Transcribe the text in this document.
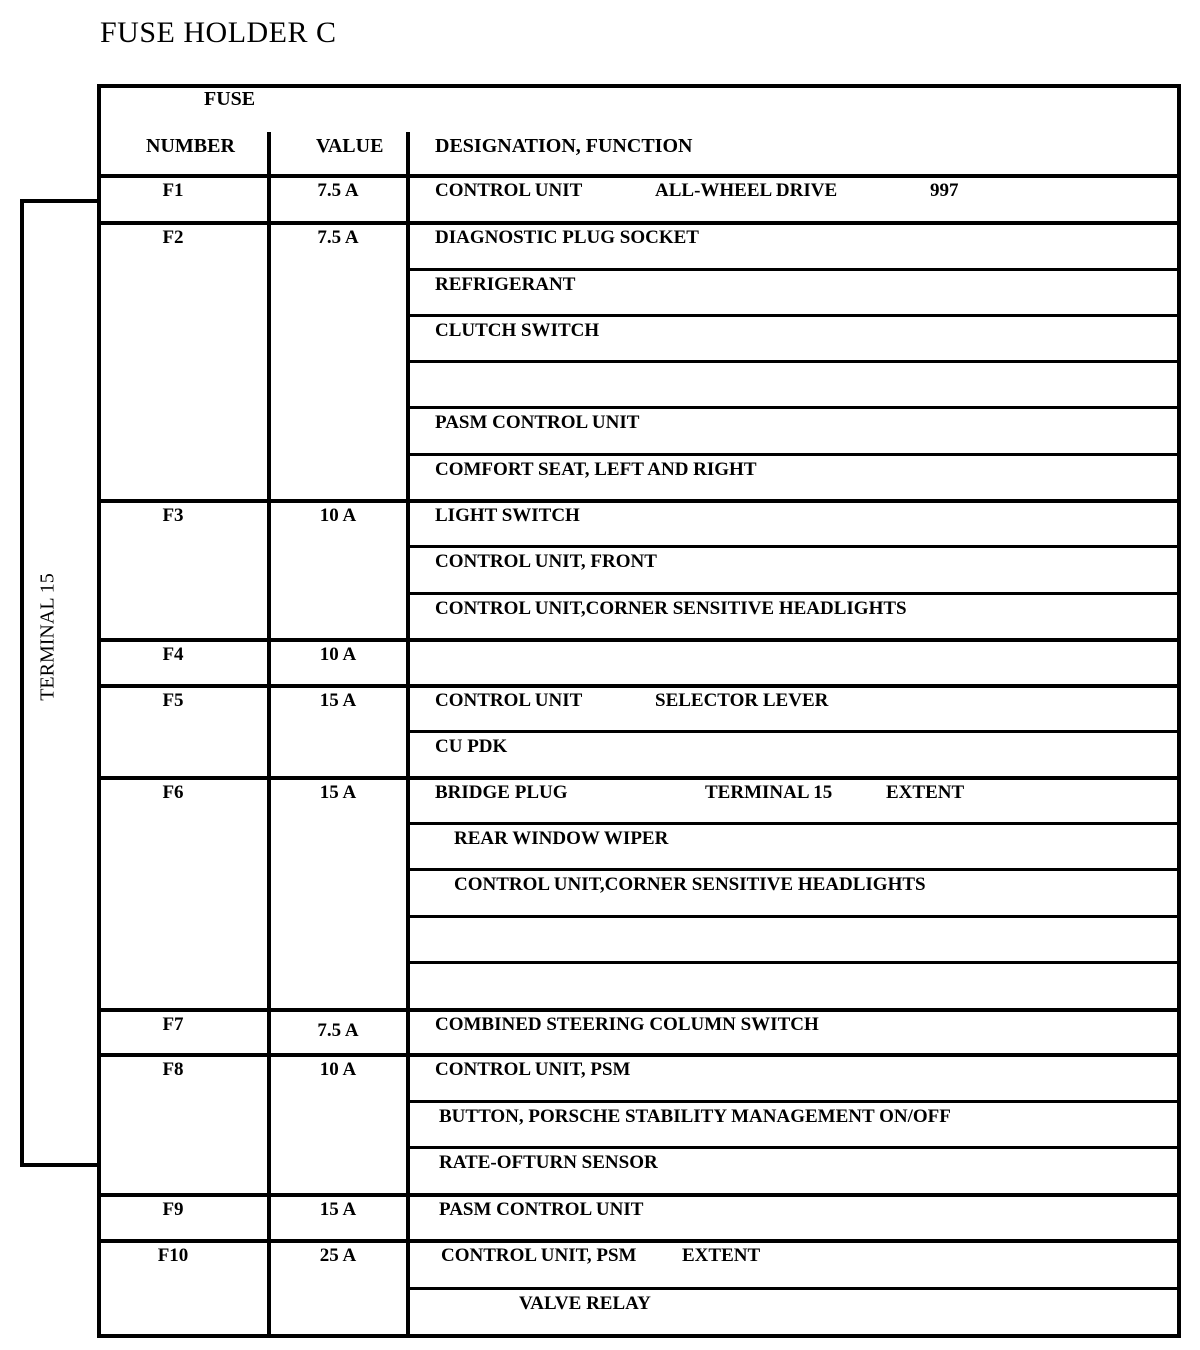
FUSE HOLDER C
TERMINAL 15
FUSE
NUMBER	VALUE	DESIGNATION, FUNCTION
F1	7.5 A	CONTROL UNIT	ALL-WHEEL DRIVE	997
F2	7.5 A	DIAGNOSTIC PLUG SOCKET
REFRIGERANT
CLUTCH SWITCH
PASM CONTROL UNIT
COMFORT SEAT, LEFT AND RIGHT
F3	10 A	LIGHT SWITCH
CONTROL UNIT, FRONT
CONTROL UNIT,CORNER SENSITIVE HEADLIGHTS
F4	10 A
F5	15 A	CONTROL UNIT	SELECTOR LEVER
CU PDK
F6	15 A	BRIDGE PLUG	TERMINAL 15	EXTENT
REAR WINDOW WIPER
CONTROL UNIT,CORNER SENSITIVE HEADLIGHTS
F7	7.5 A	COMBINED STEERING COLUMN SWITCH
F8	10 A	CONTROL UNIT, PSM
BUTTON, PORSCHE STABILITY MANAGEMENT ON/OFF
RATE-OFTURN SENSOR
F9	15 A	PASM CONTROL UNIT
F10	25 A	CONTROL UNIT, PSM EXTENT
VALVE RELAY
